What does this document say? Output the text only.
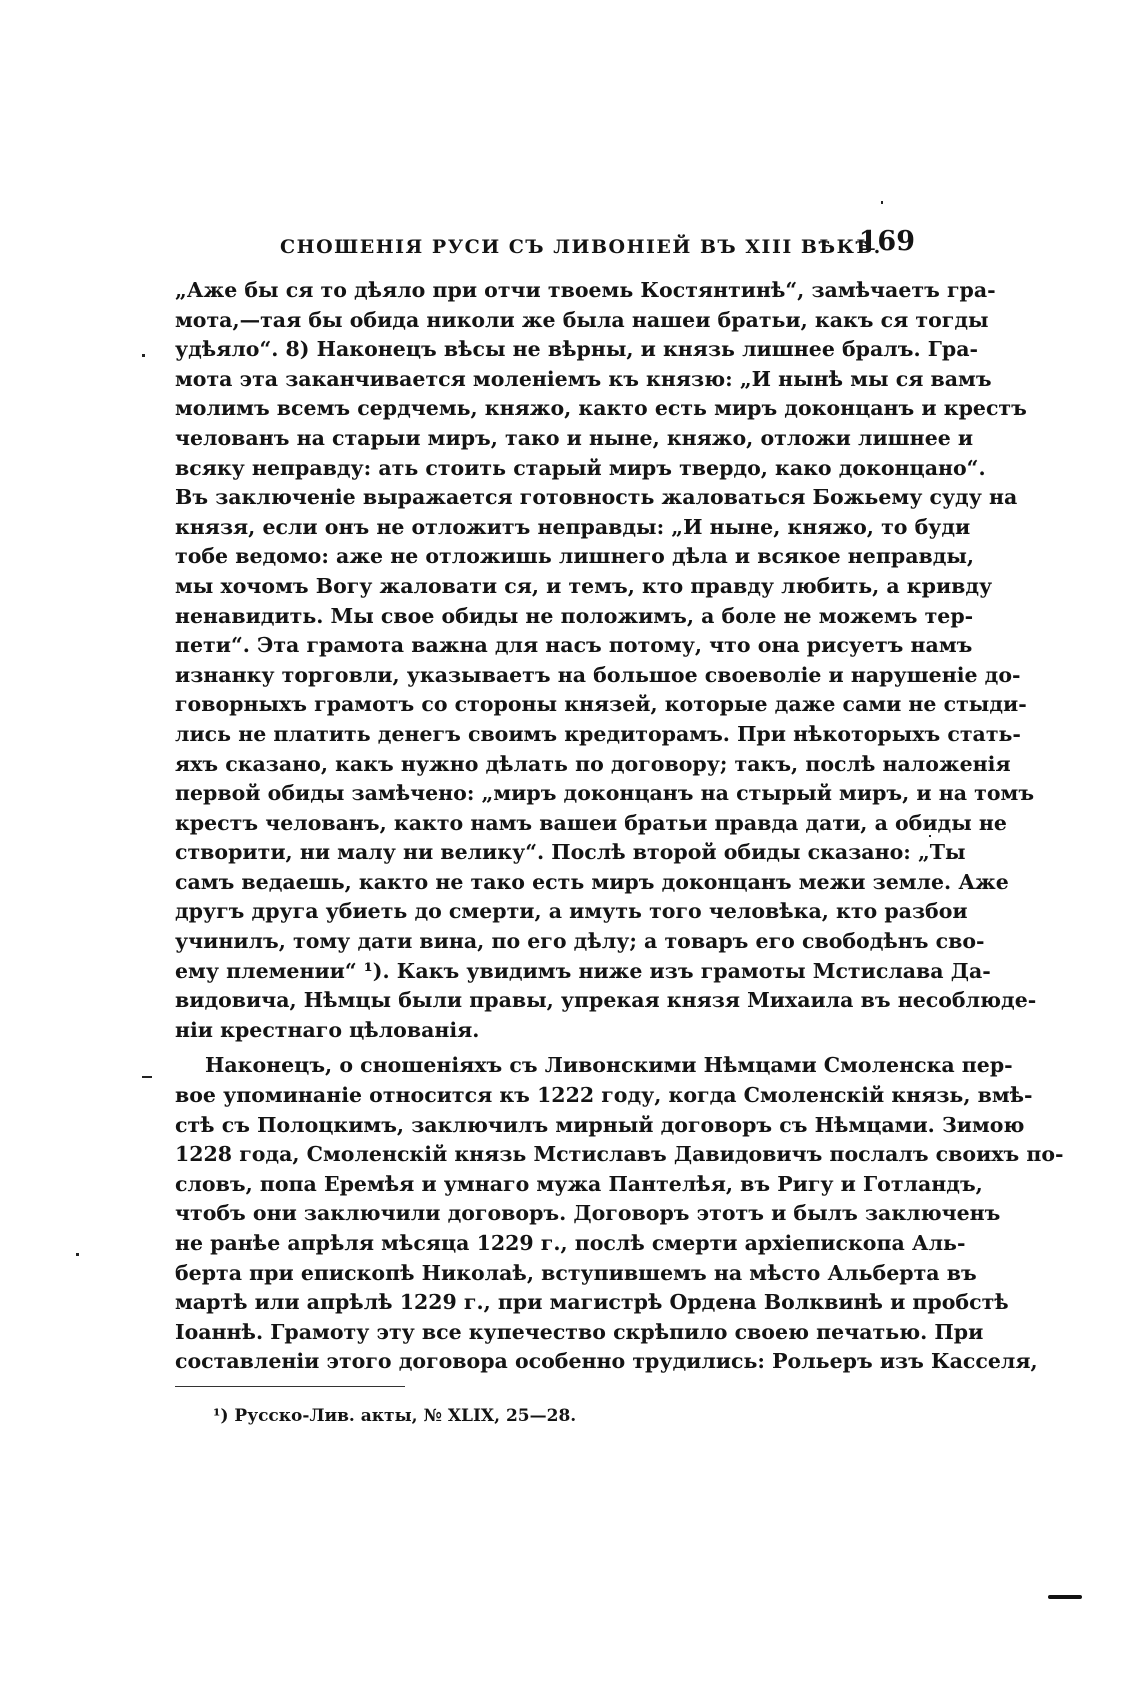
СНОШЕНІЯ РУСИ СЪ ЛИВОНІЕЙ ВЪ XIII ВѢКѢ.
169
„Аже бы ся то дѣяло при отчи твоемь Костянтинѣ“, замѣчаетъ гра-
мота,—тая бы обида николи же была нашеи братьи, какъ ся тогды
удѣяло“. 8) Наконецъ вѣсы не вѣрны, и князь лишнее бралъ. Гра-
мота эта заканчивается моленіемъ къ князю: „И нынѣ мы ся вамъ
молимъ всемъ сердчемь, княжо, както есть миръ доконцанъ и крестъ
челованъ на старыи миръ, тако и нынe, княжо, отложи лишнее и
всяку неправду: ать стоить старый миръ твердо, како доконцано“.
Въ заключеніе выражается готовность жаловаться Божьему суду на
князя, если онъ не отложитъ неправды: „И нынe, княжо, то буди
тобе ведомо: аже не отложишь лишнего дѣла и всякое неправды,
мы хочомъ Вогу жаловати ся, и темъ, кто правду любить, а кривду
ненавидить. Мы свое обиды не положимъ, а боле не можемъ тер-
пети“. Эта грамота важна для насъ потому, что она рисуетъ намъ
изнанку торговли, указываетъ на большое своеволіе и нарушеніе до-
говорныхъ грамотъ со стороны князей, которые даже сами не стыди-
лись не платить денегъ своимъ кредиторамъ. При нѣкоторыхъ стать-
яхъ сказано, какъ нужно дѣлать по договору; такъ, послѣ наложенія
первой обиды замѣчено: „миръ доконцанъ на стырый миръ, и на томъ
крестъ челованъ, както намъ вашеи братьи правда дати, а обиды не
створити, ни малу ни велику“. Послѣ второй обиды сказано: „Ты
самъ ведаешь, както не тако есть миръ доконцанъ межи земле. Аже
другъ друга убиеть до смерти, а имуть того человѣка, кто разбои
учинилъ, тому дати вина, по его дѣлу; а товаръ его свободѣнъ сво-
ему племении“ ¹). Какъ увидимъ ниже изъ грамоты Мстислава Да-
видовича, Нѣмцы были правы, упрекая князя Михаила въ несоблюде-
ніи крестнаго цѣлованія.
Наконецъ, о сношеніяхъ съ Ливонскими Нѣмцами Смоленска пер-
вое упоминаніе относится къ 1222 году, когда Смоленскій князь, вмѣ-
стѣ съ Полоцкимъ, заключилъ мирный договоръ съ Нѣмцами. Зимою
1228 года, Смоленскій князь Мстиславъ Давидовичъ послалъ своихъ по-
словъ, попа Еремѣя и умнаго мужа Пантелѣя, въ Ригу и Готландъ,
чтобъ они заключили договоръ. Договоръ этотъ и былъ заключенъ
не ранѣе апрѣля мѣсяца 1229 г., послѣ смерти архіепископа Аль-
берта при епископѣ Николаѣ, вступившемъ на мѣсто Альберта въ
мартѣ или апрѣлѣ 1229 г., при магистрѣ Ордена Волквинѣ и пробстѣ
Іоаннѣ. Грамоту эту все купечество скрѣпило своею печатью. При
составленіи этого договора особенно трудились: Рольеръ изъ Касселя,
¹) Русско-Лив. акты, № XLIX, 25—28.
